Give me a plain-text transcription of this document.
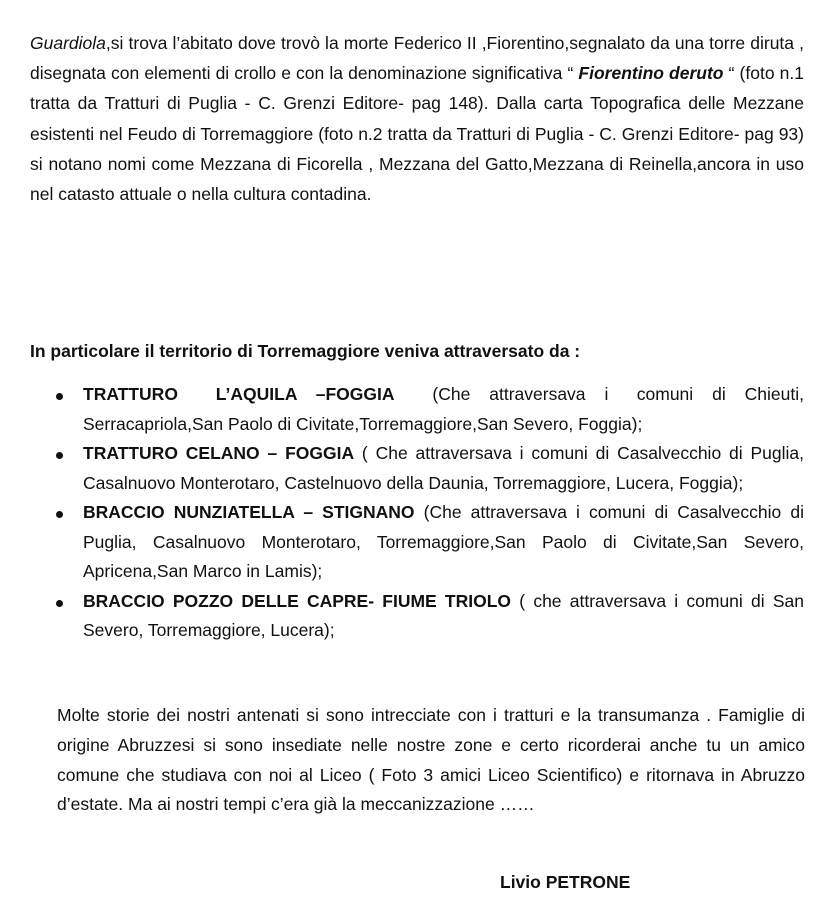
Guardiola,si trova l’abitato dove trovò la morte Federico II ,Fiorentino,segnalato da una torre diruta , disegnata con elementi di crollo e con la denominazione significativa “ Fiorentino deruto “ (foto n.1 tratta da Tratturi di Puglia - C. Grenzi Editore- pag 148). Dalla carta Topografica delle Mezzane esistenti nel Feudo di Torremaggiore (foto n.2 tratta da Tratturi di Puglia - C. Grenzi Editore- pag 93) si notano nomi come Mezzana di Ficorella , Mezzana del Gatto,Mezzana di Reinella,ancora in uso nel catasto attuale o nella cultura contadina.

In particolare il territorio di Torremaggiore veniva attraversato da :

TRATTURO    L’AQUILA  –FOGGIA    (Che  attraversava  i   comuni  di  Chieuti, Serracapriola,San Paolo di Civitate,Torremaggiore,San Severo, Foggia);
TRATTURO CELANO – FOGGIA ( Che attraversava i comuni di Casalvecchio di Puglia, Casalnuovo Monterotaro, Castelnuovo della Daunia, Torremaggiore, Lucera, Foggia);
BRACCIO NUNZIATELLA – STIGNANO (Che attraversava i comuni di Casalvecchio di Puglia, Casalnuovo Monterotaro, Torremaggiore,San Paolo di Civitate,San Severo, Apricena,San Marco in Lamis);
BRACCIO POZZO DELLE CAPRE- FIUME TRIOLO ( che attraversava i comuni di San Severo, Torremaggiore, Lucera);

Molte storie dei nostri antenati si sono intrecciate con i tratturi e la transumanza . Famiglie di origine Abruzzesi si sono insediate nelle nostre zone e certo ricorderai anche tu un amico comune che studiava con noi al Liceo ( Foto 3 amici Liceo Scientifico) e ritornava in Abruzzo d’estate. Ma ai nostri tempi c’era già la meccanizzazione ……

Livio PETRONE
